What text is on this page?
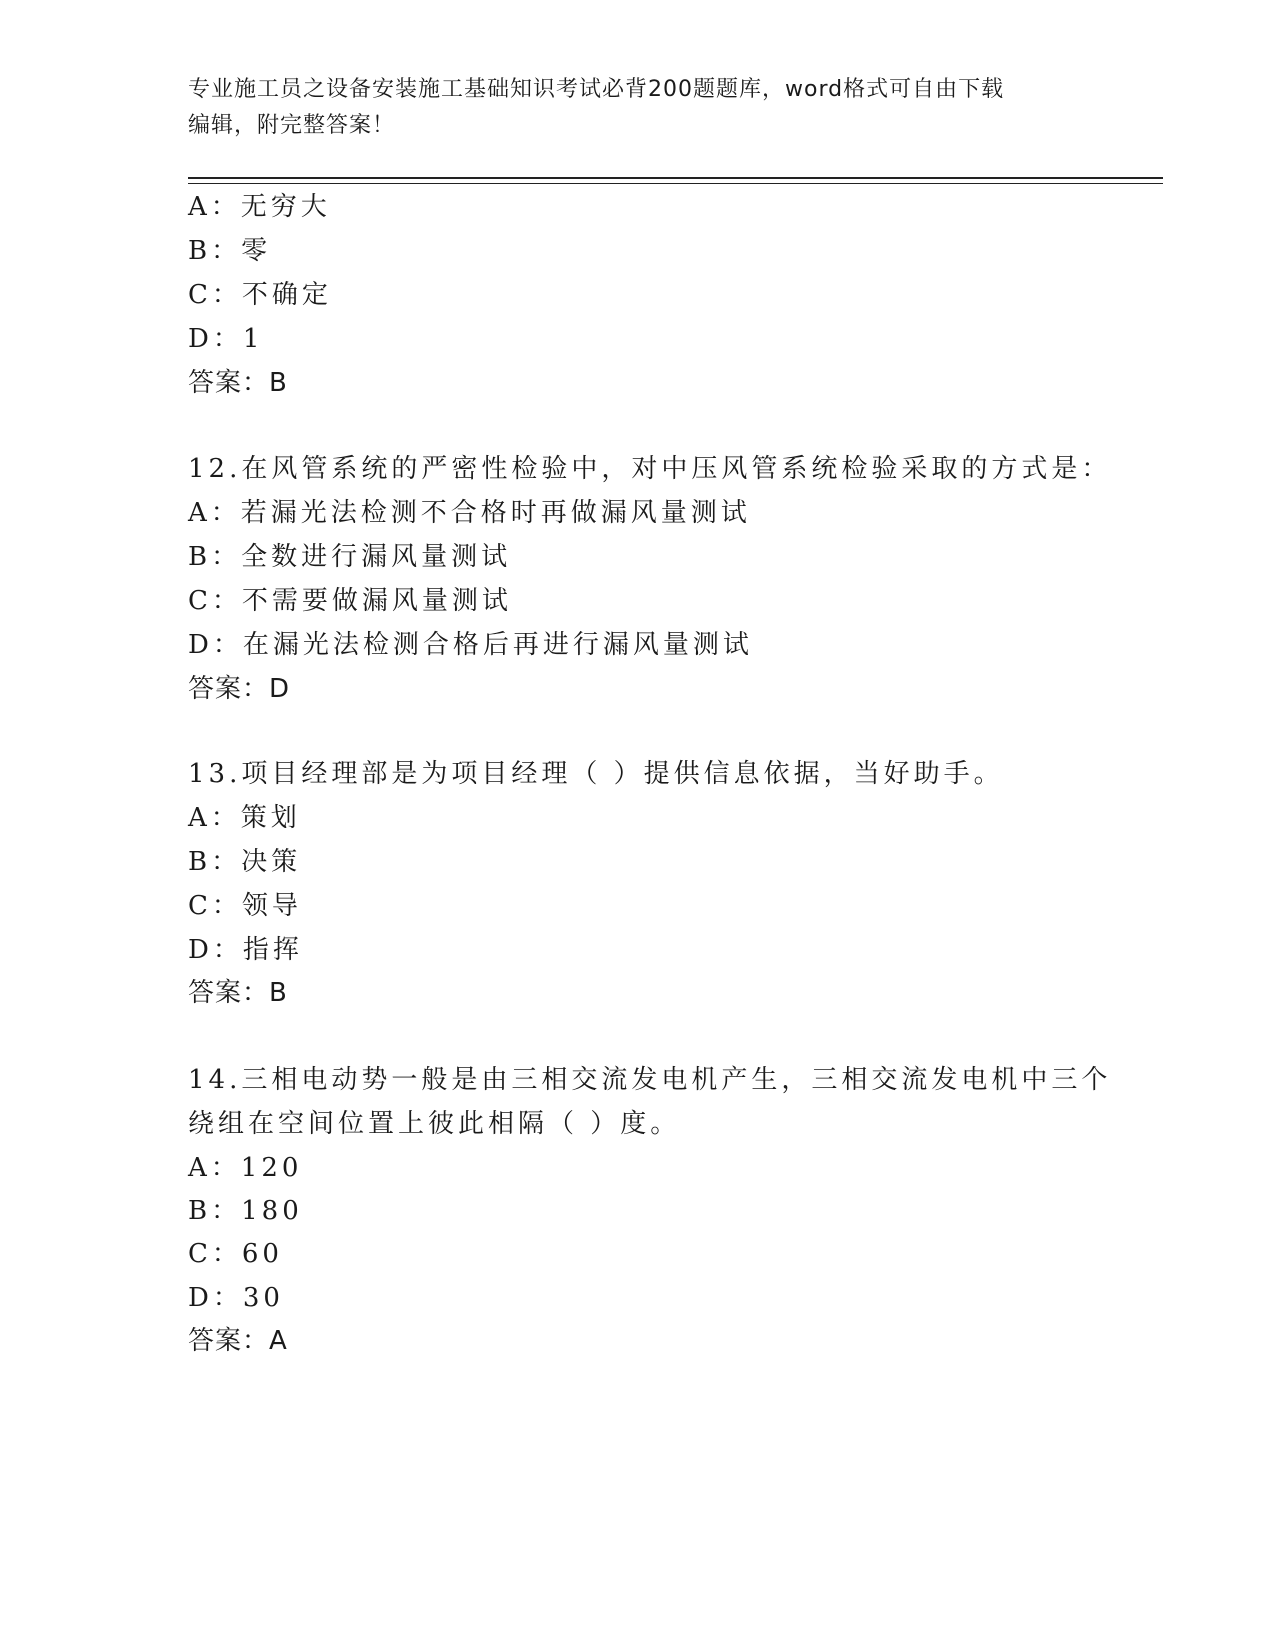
专业施工员之设备安装施工基础知识考试必背200题题库，word格式可自由下载
编辑，附完整答案！
A：无穷大
B：零
C：不确定
D：1
答案：B
12.在风管系统的严密性检验中，对中压风管系统检验采取的方式是：
A：若漏光法检测不合格时再做漏风量测试
B：全数进行漏风量测试
C：不需要做漏风量测试
D：在漏光法检测合格后再进行漏风量测试
答案：D
13.项目经理部是为项目经理（ ）提供信息依据，当好助手。
A：策划
B：决策
C：领导
D：指挥
答案：B
14.三相电动势一般是由三相交流发电机产生，三相交流发电机中三个
绕组在空间位置上彼此相隔（ ）度。
A：120
B：180
C：60
D：30
答案：A
